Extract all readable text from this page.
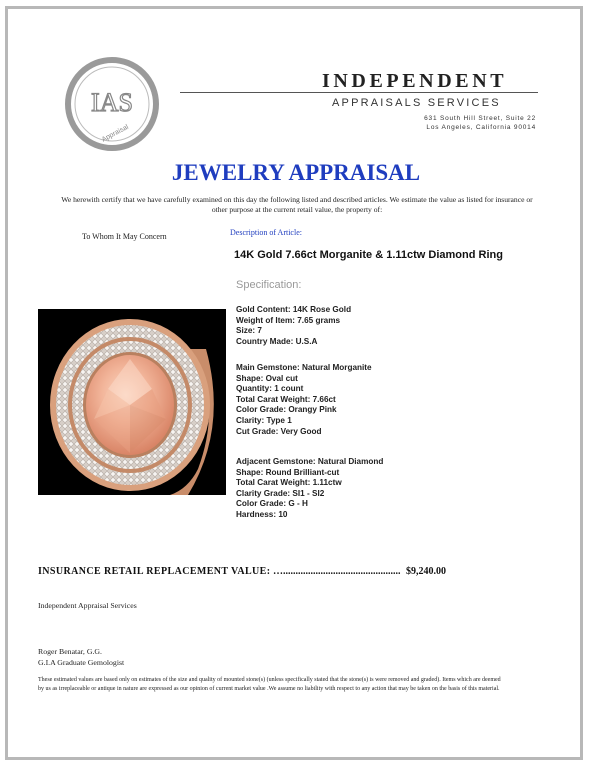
IAS
Appraisal
INDEPENDENT
APPRAISALS SERVICES
631 South Hill Street, Suite 22
Los Angeles, California 90014
JEWELRY APPRAISAL
We herewith certify that we have carefully examined on this day the following listed and described articles. We estimate the value as listed for insurance or other purpose at the current retail value, the property of:
To Whom It May Concern	Description of Article:
14K Gold 7.66ct Morganite & 1.11ctw Diamond Ring
Specification:
Gold Content: 14K Rose Gold
Weight of Item: 7.65 grams
Size: 7
Country Made: U.S.A
Main Gemstone: Natural Morganite
Shape: Oval cut
Quantity: 1 count
Total Carat Weight: 7.66ct
Color Grade: Orangy Pink
Clarity: Type 1
Cut Grade: Very Good
Adjacent Gemstone: Natural Diamond
Shape: Round Brilliant-cut
Total Carat Weight: 1.11ctw
Clarity Grade: SI1 - SI2
Color Grade: G - H
Hardness: 10
INSURANCE RETAIL REPLACEMENT VALUE: …............................................... $9,240.00
Independent Appraisal Services
Roger Benatar, G.G.
G.I.A Graduate Gemologist
These estimated values are based only on estimates of the size and quality of mounted stone(s) (unless specifically stated that the stone(s) is were removed and graded). Items which are deemed by us as irreplaceable or antique in nature are expressed as our opinion of current market value .We assume no liability with respect to any action that may be taken on the basis of this material.
